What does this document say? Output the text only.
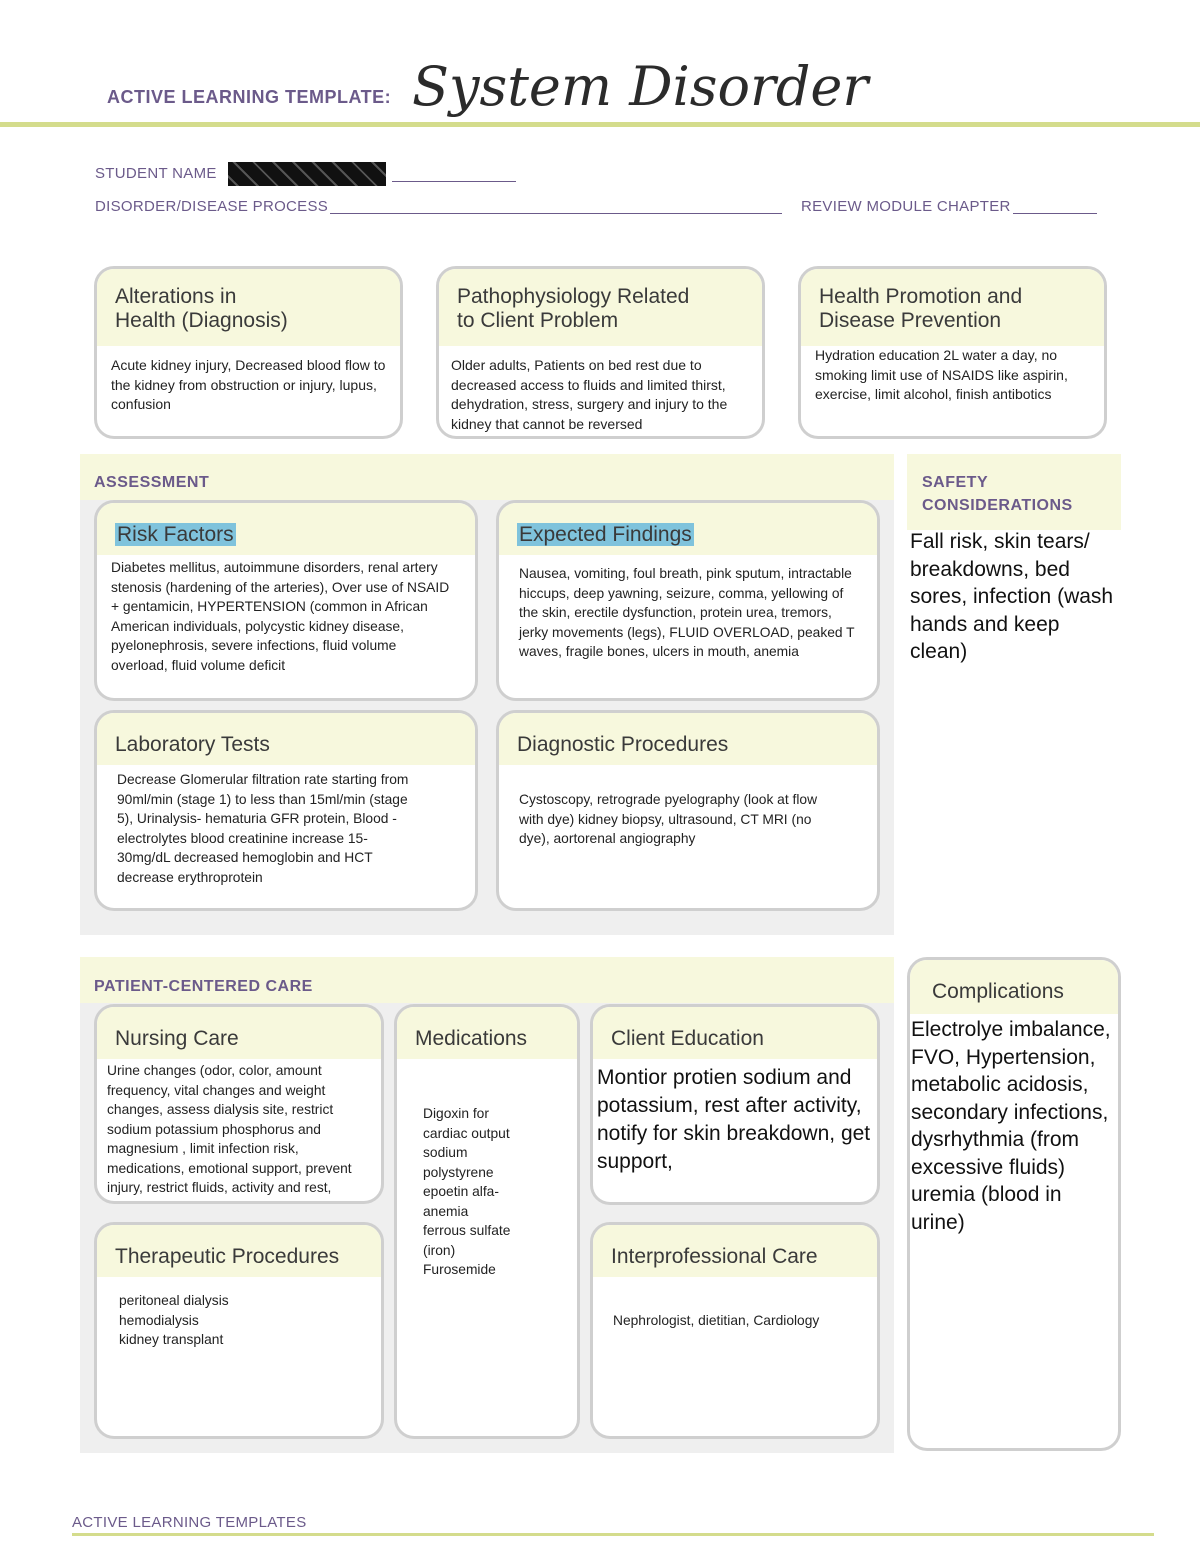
ACTIVE LEARNING TEMPLATE: System Disorder
STUDENT NAME
DISORDER/DISEASE PROCESS	REVIEW MODULE CHAPTER
Alterations in
Health (Diagnosis)
Acute kidney injury, Decreased blood flow to the kidney from obstruction or injury, lupus, confusion
Pathophysiology Related
to Client Problem
Older adults, Patients on bed rest due to decreased access to fluids and limited thirst, dehydration, stress, surgery and injury to the kidney that cannot be reversed
Health Promotion and
Disease Prevention
Hydration education 2L water a day, no smoking limit use of NSAIDS like aspirin, exercise, limit alcohol, finish antibotics
ASSESSMENT
Risk Factors
Diabetes mellitus, autoimmune disorders, renal artery stenosis (hardening of the arteries), Over use of NSAID + gentamicin, HYPERTENSION (common in African American individuals, polycystic kidney disease, pyelonephrosis, severe infections, fluid volume overload, fluid volume deficit
Expected Findings
Nausea, vomiting, foul breath, pink sputum, intractable hiccups, deep yawning, seizure, comma, yellowing of the skin, erectile dysfunction, protein urea, tremors, jerky movements (legs), FLUID OVERLOAD, peaked T waves, fragile bones, ulcers in mouth, anemia
Laboratory Tests
Decrease Glomerular filtration rate starting from 90ml/min (stage 1) to less than 15ml/min (stage 5), Urinalysis- hematuria GFR protein, Blood - electrolytes blood creatinine increase 15-30mg/dL decreased hemoglobin and HCT decrease erythroprotein
Diagnostic Procedures
Cystoscopy, retrograde pyelography (look at flow with dye) kidney biopsy, ultrasound, CT MRI (no dye), aortorenal angiography
SAFETY
CONSIDERATIONS
Fall risk, skin tears/ breakdowns, bed sores, infection (wash hands and keep clean)
PATIENT-CENTERED CARE
Nursing Care
Urine changes (odor, color, amount frequency, vital changes and weight changes, assess dialysis site, restrict sodium potassium phosphorus and magnesium , limit infection risk, medications, emotional support, prevent injury, restrict fluids, activity and rest,
Medications
Digoxin for
cardiac output
sodium
polystyrene
epoetin alfa-
anemia
ferrous sulfate
(iron)
Furosemide
Client Education
Montior protien sodium and potassium, rest after activity, notify for skin breakdown, get support,
Therapeutic Procedures
peritoneal dialysis
hemodialysis
kidney transplant
Interprofessional Care
Nephrologist, dietitian, Cardiology
Complications
Electrolye imbalance, FVO, Hypertension, metabolic acidosis, secondary infections, dysrhythmia (from excessive fluids) uremia (blood in urine)
ACTIVE LEARNING TEMPLATES
